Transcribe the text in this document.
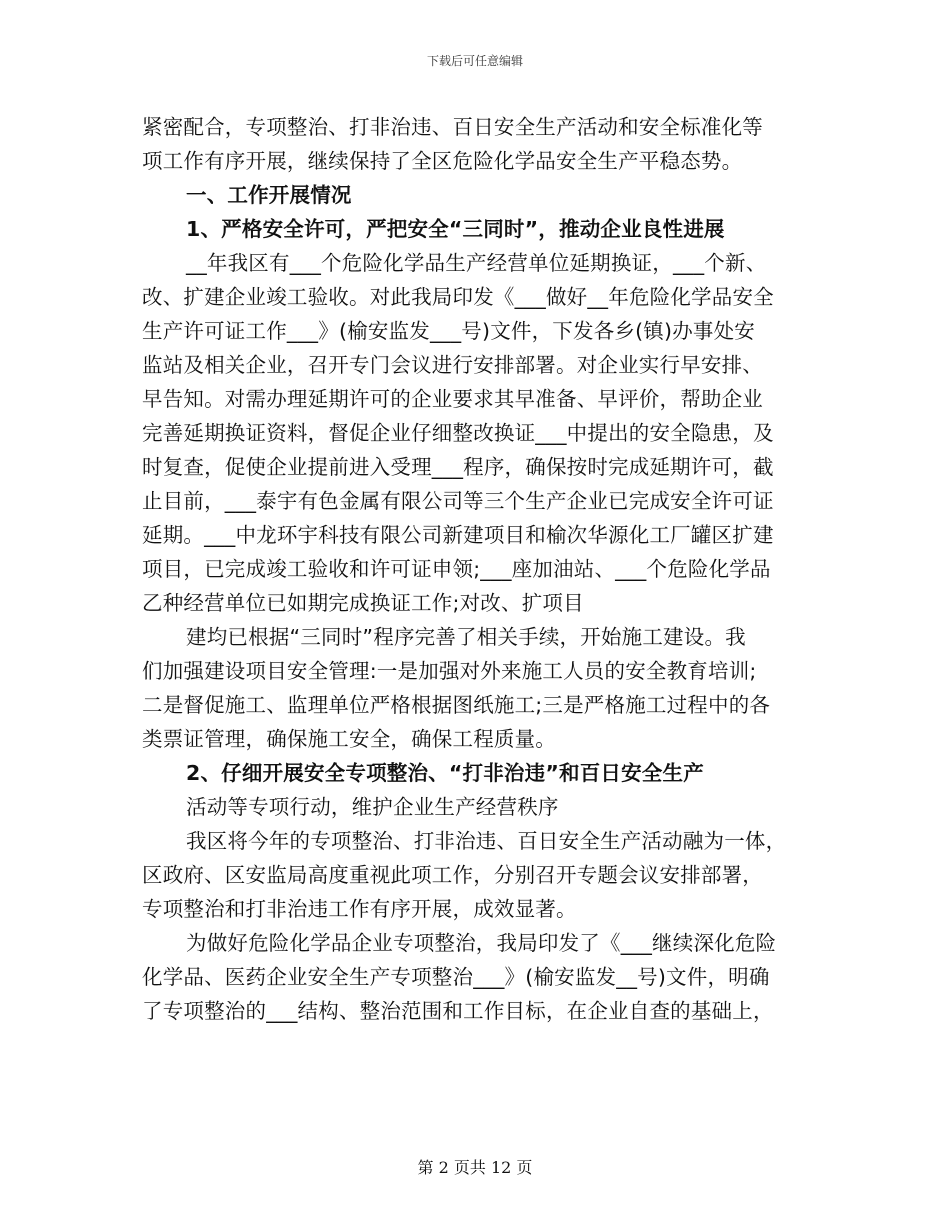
下载后可任意编辑
紧密配合，专项整治、打非治违、百日安全生产活动和安全标准化等
项工作有序开展，继续保持了全区危险化学品安全生产平稳态势。
一、工作开展情况
1、严格安全许可，严把安全“三同时”，推动企业良性进展
__年我区有___个危险化学品生产经营单位延期换证，___个新、
改、扩建企业竣工验收。对此我局印发《___做好__年危险化学品安全
生产许可证工作___》(榆安监发___号)文件，下发各乡(镇)办事处安
监站及相关企业，召开专门会议进行安排部署。对企业实行早安排、
早告知。对需办理延期许可的企业要求其早准备、早评价，帮助企业
完善延期换证资料，督促企业仔细整改换证___中提出的安全隐患，及
时复查，促使企业提前进入受理___程序，确保按时完成延期许可，截
止目前，___泰宇有色金属有限公司等三个生产企业已完成安全许可证
延期。___中龙环宇科技有限公司新建项目和榆次华源化工厂罐区扩建
项目，已完成竣工验收和许可证申领;___座加油站、___个危险化学品
乙种经营单位已如期完成换证工作;对改、扩项目
建均已根据“三同时”程序完善了相关手续，开始施工建设。我
们加强建设项目安全管理:一是加强对外来施工人员的安全教育培训;
二是督促施工、监理单位严格根据图纸施工;三是严格施工过程中的各
类票证管理，确保施工安全，确保工程质量。
2、仔细开展安全专项整治、“打非治违”和百日安全生产
活动等专项行动，维护企业生产经营秩序
我区将今年的专项整治、打非治违、百日安全生产活动融为一体，
区政府、区安监局高度重视此项工作，分别召开专题会议安排部署，
专项整治和打非治违工作有序开展，成效显著。
为做好危险化学品企业专项整治，我局印发了《___继续深化危险
化学品、医药企业安全生产专项整治___》(榆安监发__号)文件，明确
了专项整治的___结构、整治范围和工作目标，在企业自查的基础上，
第 2 页共 12 页
